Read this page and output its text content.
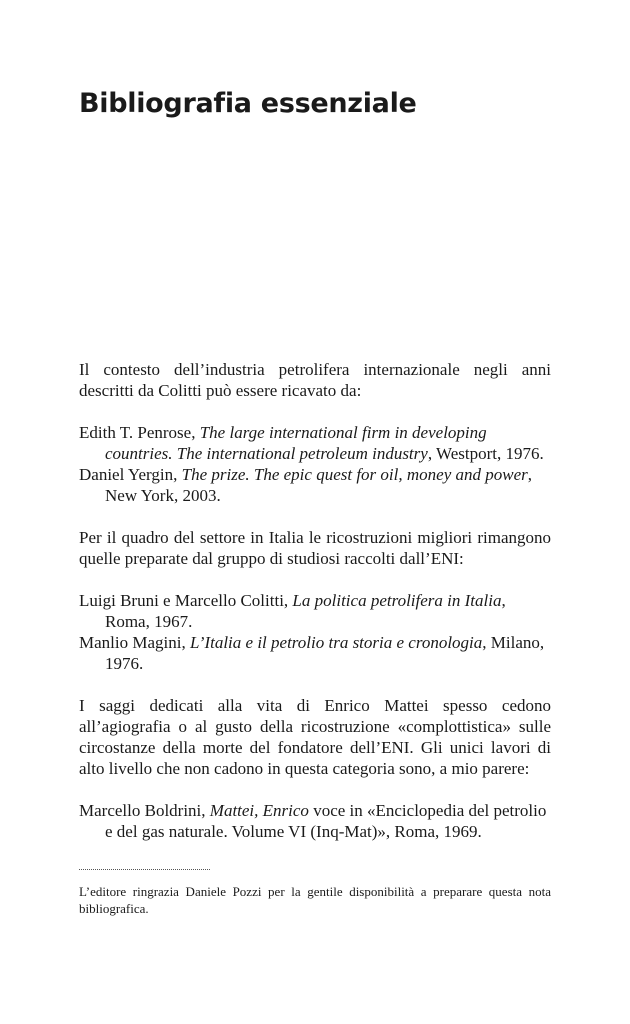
Bibliografia essenziale

Il contesto dell’industria petrolifera internazionale negli anni descritti da Colitti può essere ricavato da:

Edith T. Penrose, The large international firm in developing countries. The international petroleum industry, Westport, 1976.

Daniel Yergin, The prize. The epic quest for oil, money and power, New York, 2003.

Per il quadro del settore in Italia le ricostruzioni migliori rimangono quelle preparate dal gruppo di studiosi raccolti dall’ENI:

Luigi Bruni e Marcello Colitti, La politica petrolifera in Italia, Roma, 1967.

Manlio Magini, L’Italia e il petrolio tra storia e cronologia, Milano, 1976.

I saggi dedicati alla vita di Enrico Mattei spesso cedono all’agiografia o al gusto della ricostruzione «complottistica» sulle circostanze della morte del fondatore dell’ENI. Gli unici lavori di alto livello che non cadono in questa categoria sono, a mio parere:

Marcello Boldrini, Mattei, Enrico voce in «Enciclopedia del petrolio e del gas naturale. Volume VI (Inq-Mat)», Roma, 1969.

L’editore ringrazia Daniele Pozzi per la gentile disponibilità a preparare questa nota bibliografica.
